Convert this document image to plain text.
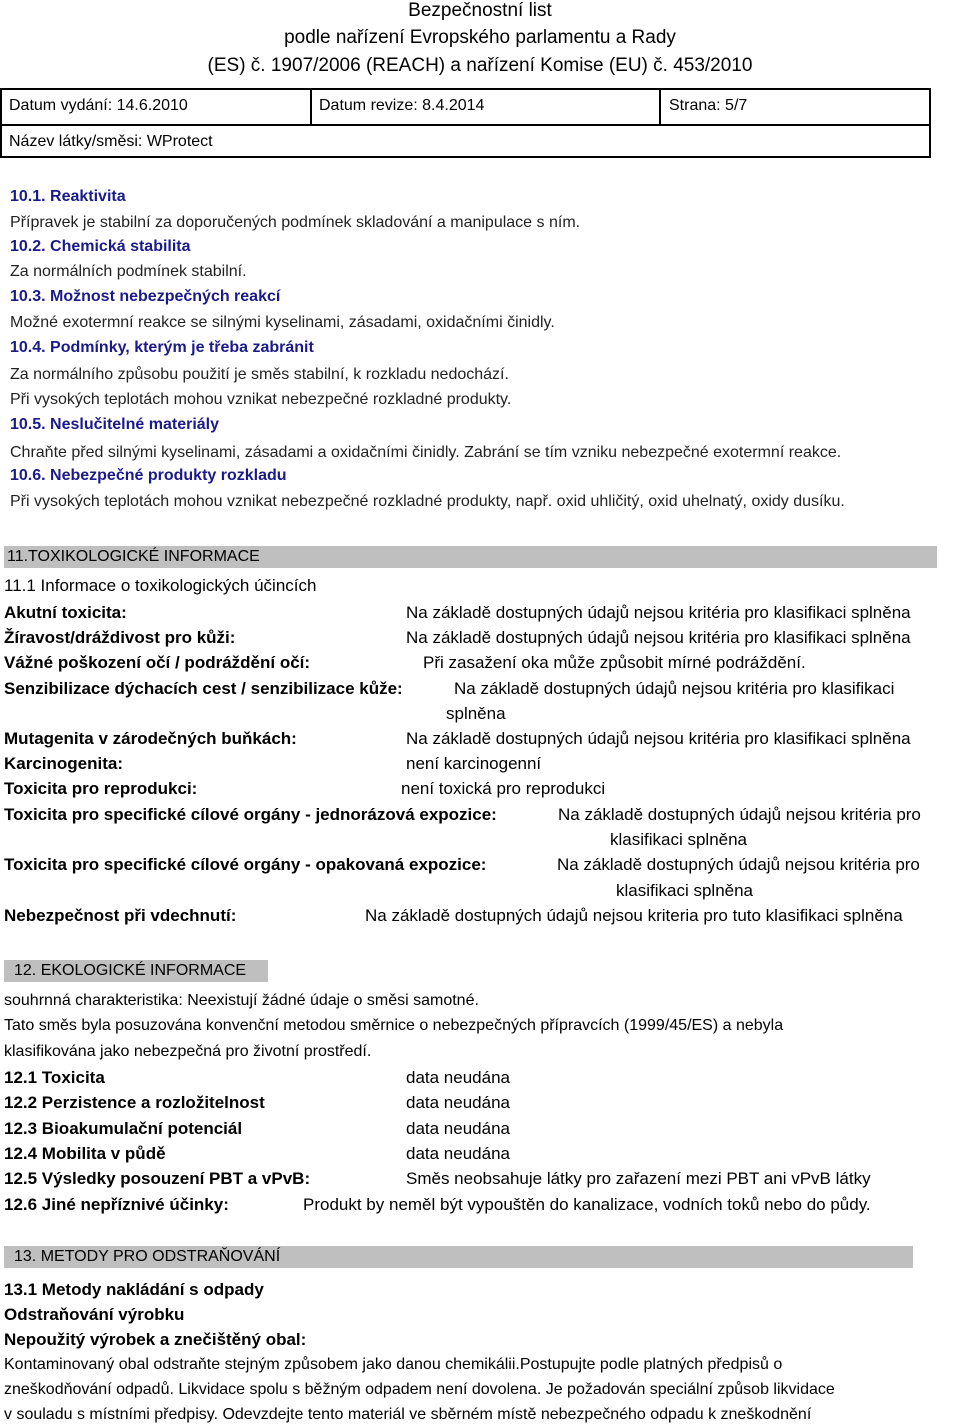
Bezpečnostní list
podle nařízení Evropského parlamentu a Rady
(ES) č. 1907/2006 (REACH) a nařízení Komise (EU) č. 453/2010
Datum vydání: 14.6.2010	Datum revize: 8.4.2014	Strana: 5/7
Název látky/směsi: WProtect
10.1. Reaktivita
Přípravek je stabilní za doporučených podmínek skladování a manipulace s ním.
10.2. Chemická stabilita
Za normálních podmínek stabilní.
10.3. Možnost nebezpečných reakcí
Možné exotermní reakce se silnými kyselinami, zásadami, oxidačními činidly.
10.4. Podmínky, kterým je třeba zabránit
Za normálního způsobu použití je směs stabilní, k rozkladu nedochází.
Při vysokých teplotách mohou vznikat nebezpečné rozkladné produkty.
10.5. Neslučitelné materiály
Chraňte před silnými kyselinami, zásadami a oxidačními činidly. Zabrání se tím vzniku nebezpečné exotermní reakce.
10.6. Nebezpečné produkty rozkladu
Při vysokých teplotách mohou vznikat nebezpečné rozkladné produkty, např. oxid uhličitý, oxid uhelnatý, oxidy dusíku.
11.TOXIKOLOGICKÉ INFORMACE
11.1 Informace o toxikologických účincích
Akutní toxicita:	Na základě dostupných údajů nejsou kritéria pro klasifikaci splněna
Žíravost/dráždivost pro kůži:	Na základě dostupných údajů nejsou kritéria pro klasifikaci splněna
Vážné poškození očí / podráždění očí:	Při zasažení oka může způsobit mírné podráždění.
Senzibilizace dýchacích cest / senzibilizace kůže:	Na základě dostupných údajů nejsou kritéria pro klasifikaci
splněna
Mutagenita v zárodečných buňkách:	Na základě dostupných údajů nejsou kritéria pro klasifikaci splněna
Karcinogenita:	není karcinogenní
Toxicita pro reprodukci:	není toxická pro reprodukci
Toxicita pro specifické cílové orgány - jednorázová expozice:	Na základě dostupných údajů nejsou kritéria pro
klasifikaci splněna
Toxicita pro specifické cílové orgány - opakovaná expozice:	Na základě dostupných údajů nejsou kritéria pro
klasifikaci splněna
Nebezpečnost při vdechnutí:	Na základě dostupných údajů nejsou kriteria pro tuto klasifikaci splněna
12. EKOLOGICKÉ INFORMACE
souhrnná charakteristika: Neexistují žádné údaje o směsi samotné.
Tato směs byla posuzována konvenční metodou směrnice o nebezpečných přípravcích (1999/45/ES) a nebyla
klasifikována jako nebezpečná pro životní prostředí.
12.1 Toxicita	data neudána
12.2 Perzistence a rozložitelnost	data neudána
12.3 Bioakumulační potenciál	data neudána
12.4 Mobilita v půdě	data neudána
12.5 Výsledky posouzení PBT a vPvB:	Směs neobsahuje látky pro zařazení mezi PBT ani vPvB látky
12.6 Jiné nepříznivé účinky:	Produkt by neměl být vypouštěn do kanalizace, vodních toků nebo do půdy.
13. METODY PRO ODSTRAŇOVÁNÍ
13.1 Metody nakládání s odpady
Odstraňování výrobku
Nepoužitý výrobek a znečištěný obal:
Kontaminovaný obal odstraňte stejným způsobem jako danou chemikálii.Postupujte podle platných předpisů o
zneškodňování odpadů. Likvidace spolu s běžným odpadem není dovolena. Je požadován speciální způsob likvidace
v souladu s místními předpisy. Odevzdejte tento materiál ve sběrném místě nebezpečného odpadu k zneškodnění
